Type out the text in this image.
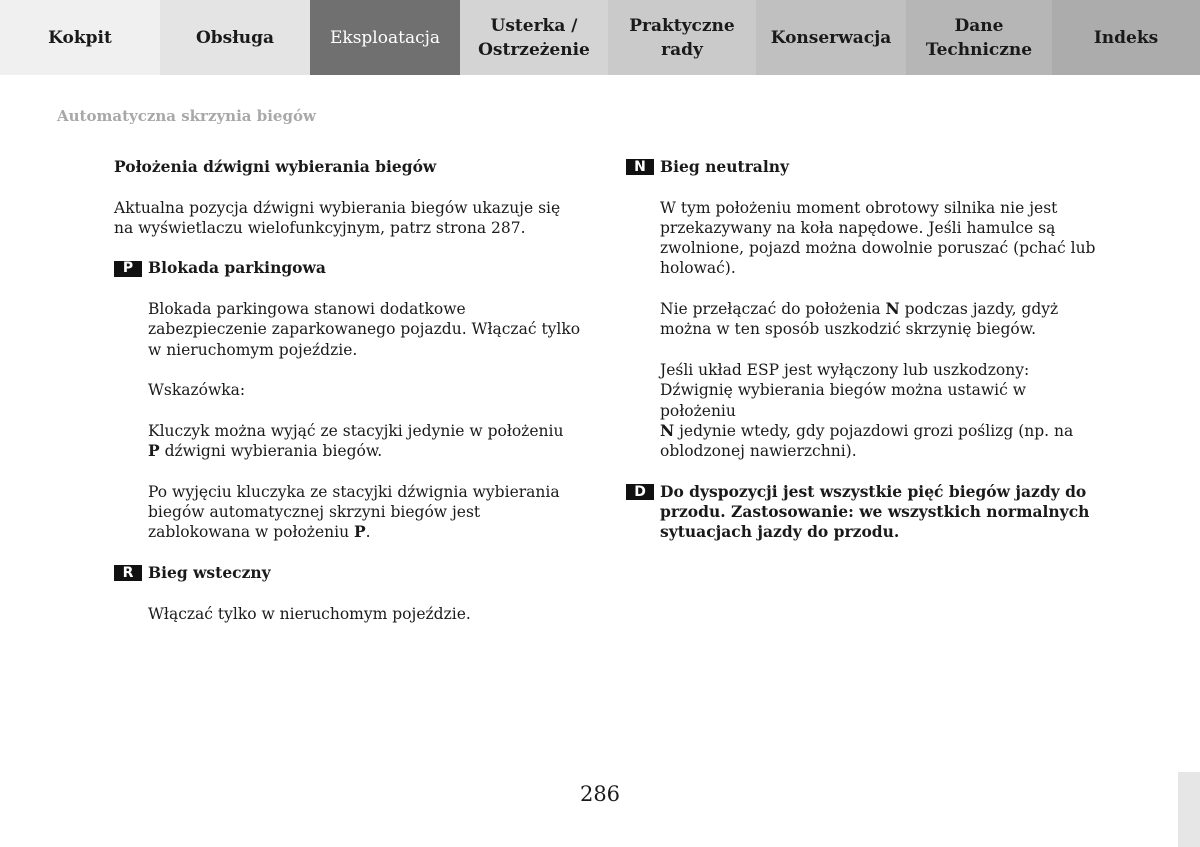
Kokpit	Obsługa	Eksploatacja
Usterka /
Ostrzeżenie
Praktyczne
rady
Konserwacja
Dane
Techniczne
Indeks
Automatyczna skrzynia biegów

Położenia dźwigni wybierania biegów

Aktualna pozycja dźwigni wybierania biegów ukazuje się na wyświetlaczu wielofunkcyjnym, patrz strona 287.

P Blokada parkingowa

Blokada parkingowa stanowi dodatkowe zabezpieczenie zaparkowanego pojazdu. Włączać tylko w nieruchomym pojeździe.

Wskazówka:

Kluczyk można wyjąć ze stacyjki jedynie w położeniu
P dźwigni wybierania biegów.

Po wyjęciu kluczyka ze stacyjki dźwignia wybierania biegów automatycznej skrzyni biegów jest zablokowana w położeniu P.

R Bieg wsteczny

Włączać tylko w nieruchomym pojeździe.

N Bieg neutralny

W tym położeniu moment obrotowy silnika nie jest przekazywany na koła napędowe. Jeśli hamulce są zwolnione, pojazd można dowolnie poruszać (pchać lub holować).

Nie przełączać do położenia N podczas jazdy, gdyż można w ten sposób uszkodzić skrzynię biegów.

Jeśli układ ESP jest wyłączony lub uszkodzony:
Dźwignię wybierania biegów można ustawić w położeniu
N jedynie wtedy, gdy pojazdowi grozi poślizg (np. na oblodzonej nawierzchni).

D Do dyspozycji jest wszystkie pięć biegów jazdy do przodu. Zastosowanie: we wszystkich normalnych sytuacjach jazdy do przodu.
286
